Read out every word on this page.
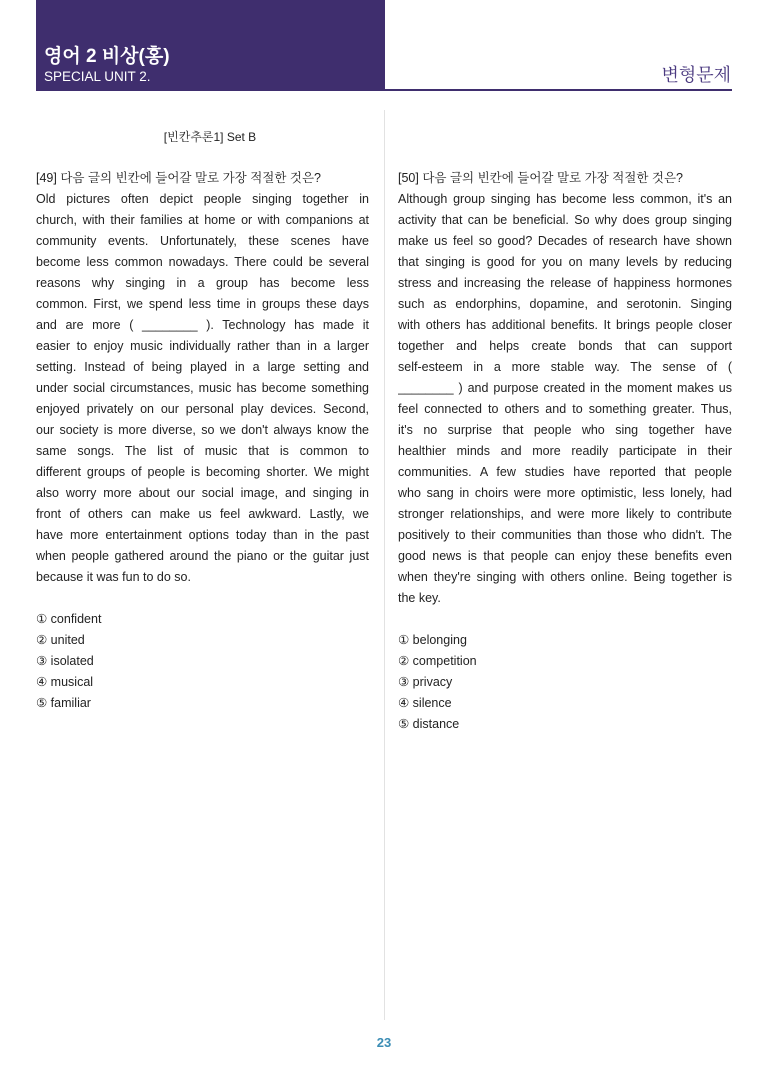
영어 2 비상(홍)
SPECIAL UNIT 2.	변형문제
[빈칸추론1] Set B
[49] 다음 글의 빈칸에 들어갈 말로 가장 적절한 것은?
Old pictures often depict people singing together in
church, with their families at home or with companions at
community events. Unfortunately, these scenes have
become less common nowadays. There could be several
reasons why singing in a group has become less
common. First, we spend less time in groups these days
and are more ( ________ ). Technology has made it
easier to enjoy music individually rather than in a larger
setting. Instead of being played in a large setting and
under social circumstances, music has become something
enjoyed privately on our personal play devices. Second,
our society is more diverse, so we don't always know the
same songs. The list of music that is common to
different groups of people is becoming shorter. We might
also worry more about our social image, and singing in
front of others can make us feel awkward. Lastly, we
have more entertainment options today than in the past
when people gathered around the piano or the guitar just
because it was fun to do so.
① confident
② united
③ isolated
④ musical
⑤ familiar
[50] 다음 글의 빈칸에 들어갈 말로 가장 적절한 것은?
Although group singing has become less common, it's an
activity that can be beneficial. So why does group singing
make us feel so good? Decades of research have shown
that singing is good for you on many levels by reducing
stress and increasing the release of happiness hormones
such as endorphins, dopamine, and serotonin. Singing
with others has additional benefits. It brings people closer
together and helps create bonds that can support
self-esteem in a more stable way. The sense of (
________ ) and purpose created in the moment makes us
feel connected to others and to something greater. Thus,
it's no surprise that people who sing together have
healthier minds and more readily participate in their
communities. A few studies have reported that people
who sang in choirs were more optimistic, less lonely, had
stronger relationships, and were more likely to contribute
positively to their communities than those who didn't. The
good news is that people can enjoy these benefits even
when they're singing with others online. Being together is
the key.
① belonging
② competition
③ privacy
④ silence
⑤ distance
23
